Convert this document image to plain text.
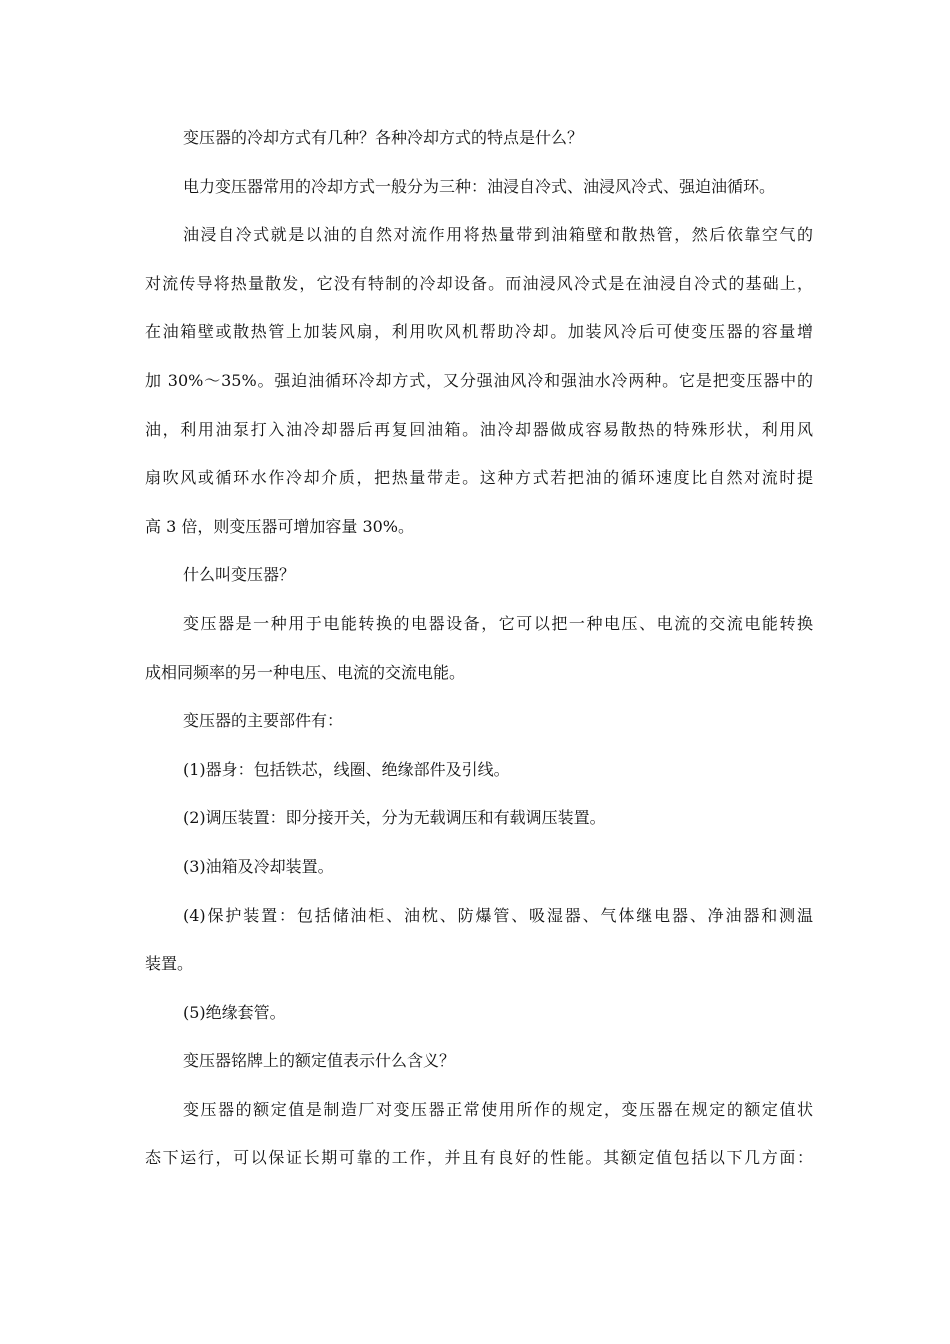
变压器的冷却方式有几种？各种冷却方式的特点是什么？
电力变压器常用的冷却方式一般分为三种：油浸自冷式、油浸风冷式、强迫油循环。
油浸自冷式就是以油的自然对流作用将热量带到油箱壁和散热管，然后依靠空气的
对流传导将热量散发，它没有特制的冷却设备。而油浸风冷式是在油浸自冷式的基础上，
在油箱壁或散热管上加装风扇，利用吹风机帮助冷却。加装风冷后可使变压器的容量增
加 30%～35%。强迫油循环冷却方式，又分强油风冷和强油水冷两种。它是把变压器中的
油，利用油泵打入油冷却器后再复回油箱。油冷却器做成容易散热的特殊形状，利用风
扇吹风或循环水作冷却介质，把热量带走。这种方式若把油的循环速度比自然对流时提
高 3 倍，则变压器可增加容量 30%。
什么叫变压器？
变压器是一种用于电能转换的电器设备，它可以把一种电压、电流的交流电能转换
成相同频率的另一种电压、电流的交流电能。
变压器的主要部件有：
(1)器身：包括铁芯，线圈、绝缘部件及引线。
(2)调压装置：即分接开关，分为无载调压和有载调压装置。
(3)油箱及冷却装置。
(4)保护装置：包括储油柜、油枕、防爆管、吸湿器、气体继电器、净油器和测温
装置。
(5)绝缘套管。
变压器铭牌上的额定值表示什么含义？
变压器的额定值是制造厂对变压器正常使用所作的规定，变压器在规定的额定值状
态下运行，可以保证长期可靠的工作，并且有良好的性能。其额定值包括以下几方面：
